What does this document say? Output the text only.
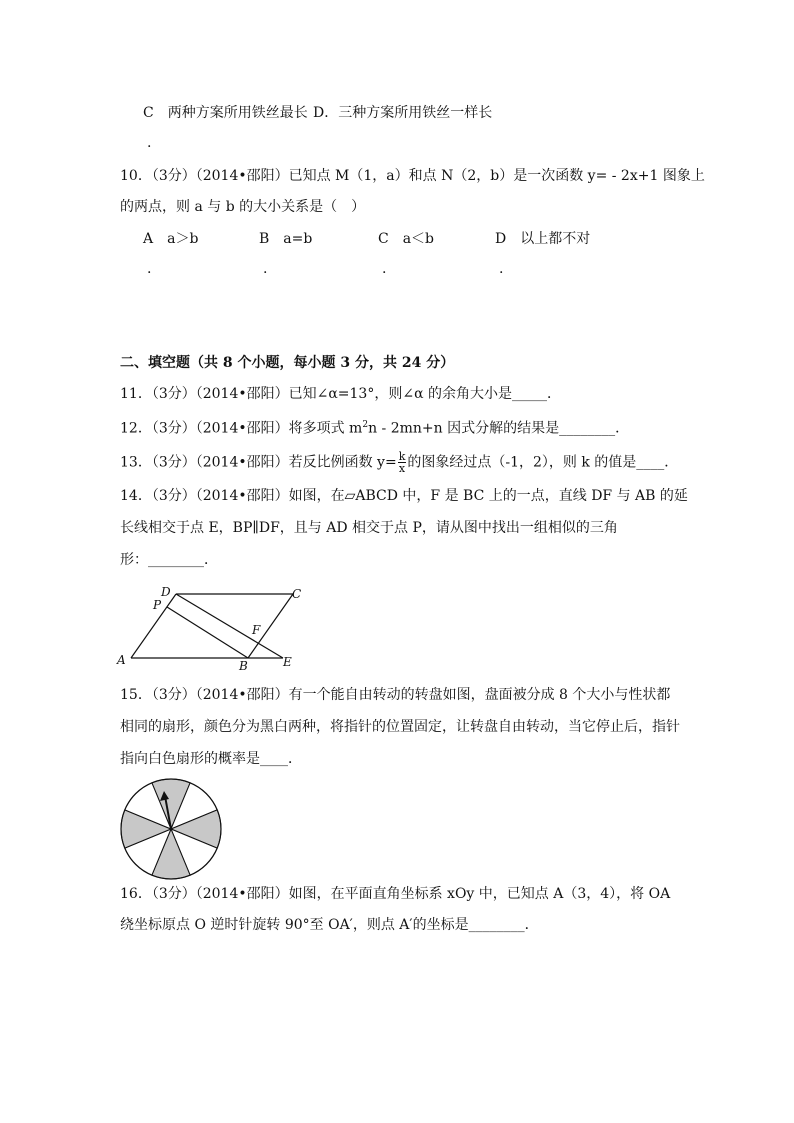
C　两种方案所用铁丝最长 D．三种方案所用铁丝一样长
.
10．（3分）（2014•邵阳）已知点 M（1，a）和点 N（2，b）是一次函数 y= - 2x+1 图象上
的两点，则 a 与 b 的大小关系是（　）
A　a＞b	B　a=b	C　a＜b	D　以上都不对
.	.	.	.
二、填空题（共 8 个小题，每小题 3 分，共 24 分）
11．（3分）（2014•邵阳）已知∠α=13°，则∠α 的余角大小是_____．
12．（3分）（2014•邵阳）将多项式 $m^2n - 2mn+n$ 因式分解的结果是________．
13．（3分）（2014•邵阳）若反比例函数 $y= \frac{k}{x}$ 的图象经过点（-1，2），则 k 的值是____．
14．（3分）（2014•邵阳）如图，在▱ABCD 中，F 是 BC 上的一点，直线 DF 与 AB 的延
长线相交于点 E，BP∥DF，且与 AD 相交于点 P，请从图中找出一组相似的三角
形：________．
A	B
C
D
E
F
P
15．（3分）（2014•邵阳）有一个能自由转动的转盘如图，盘面被分成 8 个大小与性状都
相同的扇形，颜色分为黑白两种，将指针的位置固定，让转盘自由转动，当它停止后，指针
指向白色扇形的概率是____．
16．（3分）（2014•邵阳）如图，在平面直角坐标系 xOy 中，已知点 A（3，4），将 OA
绕坐标原点 O 逆时针旋转 90°至 OA′，则点 A′的坐标是________．
